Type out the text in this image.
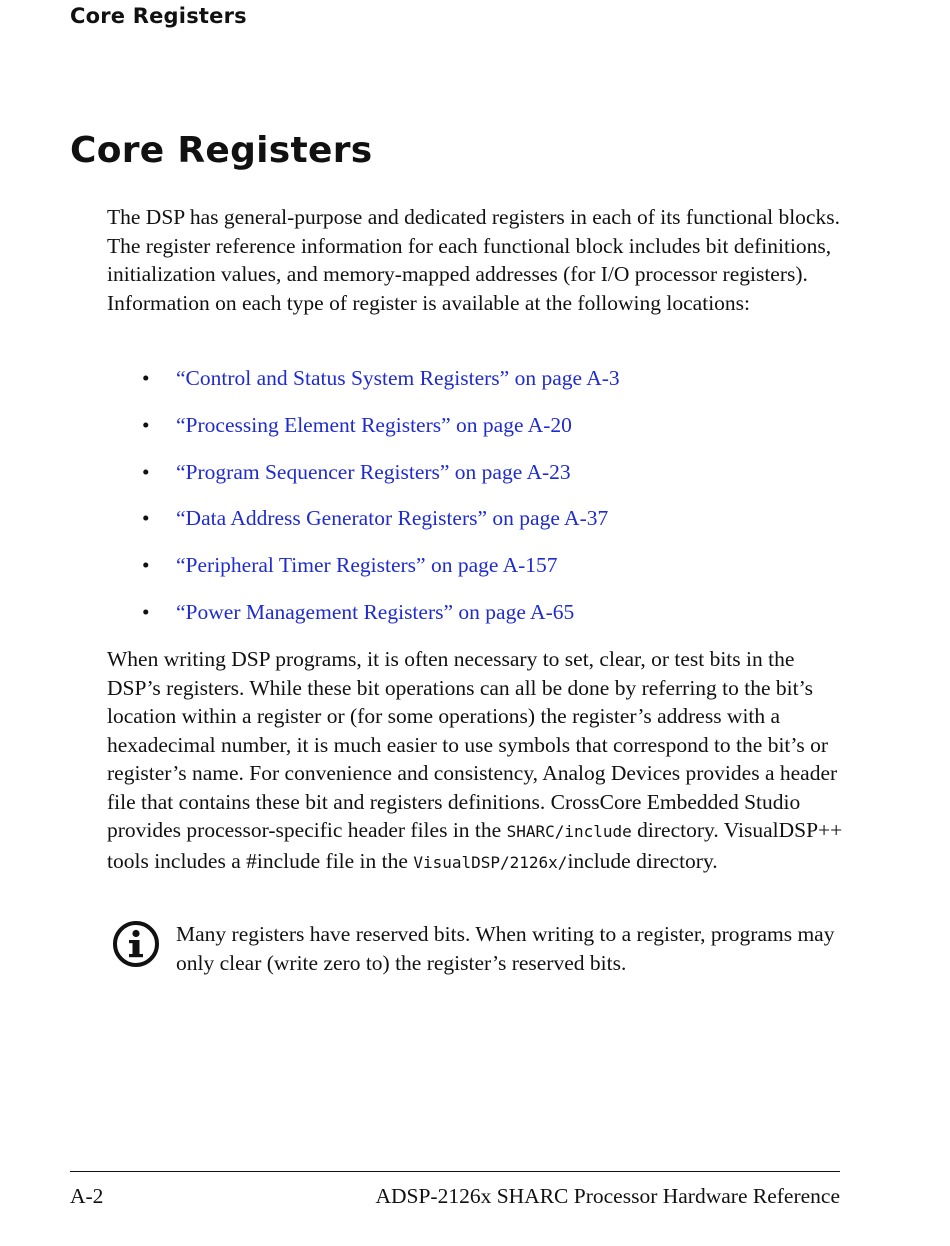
Core Registers
Core Registers

The DSP has general-purpose and dedicated registers in each of its functional blocks. The register reference information for each functional block includes bit definitions, initialization values, and memory-mapped addresses (for I/O processor registers). Information on each type of register is available at the following locations:

• “Control and Status System Registers” on page A-3
• “Processing Element Registers” on page A-20
• “Program Sequencer Registers” on page A-23
• “Data Address Generator Registers” on page A-37
• “Peripheral Timer Registers” on page A-157
• “Power Management Registers” on page A-65

When writing DSP programs, it is often necessary to set, clear, or test bits in the DSP’s registers. While these bit operations can all be done by referring to the bit’s location within a register or (for some operations) the register’s address with a hexadecimal number, it is much easier to use symbols that correspond to the bit’s or register’s name. For convenience and consistency, Analog Devices provides a header file that contains these bit and registers definitions. CrossCore Embedded Studio provides processor-specific header files in the SHARC/include directory. VisualDSP++ tools includes a #include file in the VisualDSP/2126x/include directory.

Many registers have reserved bits. When writing to a register, programs may only clear (write zero to) the register’s reserved bits.

A-2	ADSP-2126x SHARC Processor Hardware Reference
